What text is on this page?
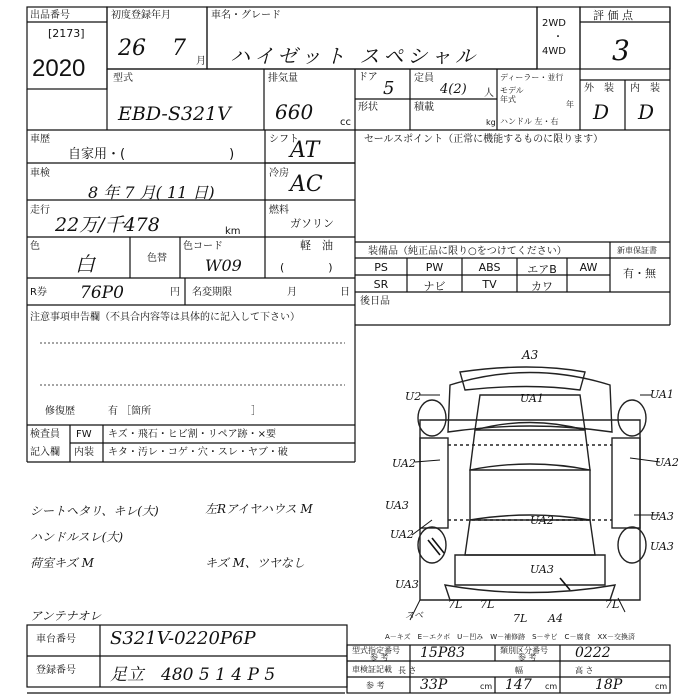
出品番号
[2173]
2020
初度登録年月
26 7
月
車名・グレード
ハイゼット スペシャル
2WD
・
4WD
評 価 点
3
外　装 内　装
D D
型式
EBD-S321V
排気量
660	cc
ドア
5 定員
4(2) 人
ディーラー・並行
モデル年式
年
形状	積載
kg ハンドル 左・右
車歴
自家用・(　　　　　　　　)
シフト
AT
車検
8 年 7 月( 11 日)
冷房 AC
走行
22万/千478	km
燃料
ガソリン
軽　油
(　　　　)
色
白	色替
色コード
W09
R券 76P0	円 名変期限	月	日
注意事項申告欄（不具合内容等は具体的に記入して下さい）
修復歴	有 ［箇所　　　　　　　　　　］
セールスポイント（正常に機能するものに限ります）
装備品（純正品に限り○をつけてください）	新車保証書
有・無
PS	PW	ABS	エアB	AW
SR	ナビ	TV	カワ
後日品
検査員
記入欄
FW キズ・飛石・ヒビ割・リペア跡・×要
内装 キタ・汚レ・コゲ・穴・スレ・ヤブ・破
シートヘタリ、キレ(大)
ハンドルスレ(大)
荷室キズ M
左Rアイヤハウス M
キズ M、ツヤなし
アンテナオレ
A3
U2	UA1	UA1
UA2	UA2
UA2
UA3
UA3
UA2
UA3
UA3
7L 7L	7L
7L A4
スベ
UA3
A－キズ　E－エクボ　U－凹み　W－補修跡　S－サビ　C－腐食　XX－交換済
車台番号 S321V-0220P6P
登録番号 足立　480 5 1 4 P 5
型式指定番号
参 考 15P83	類別区分番号
参 考	0222
車検証記載
参 考
長 さ
33P	cm
幅
147 cm
高 さ
18P	cm
